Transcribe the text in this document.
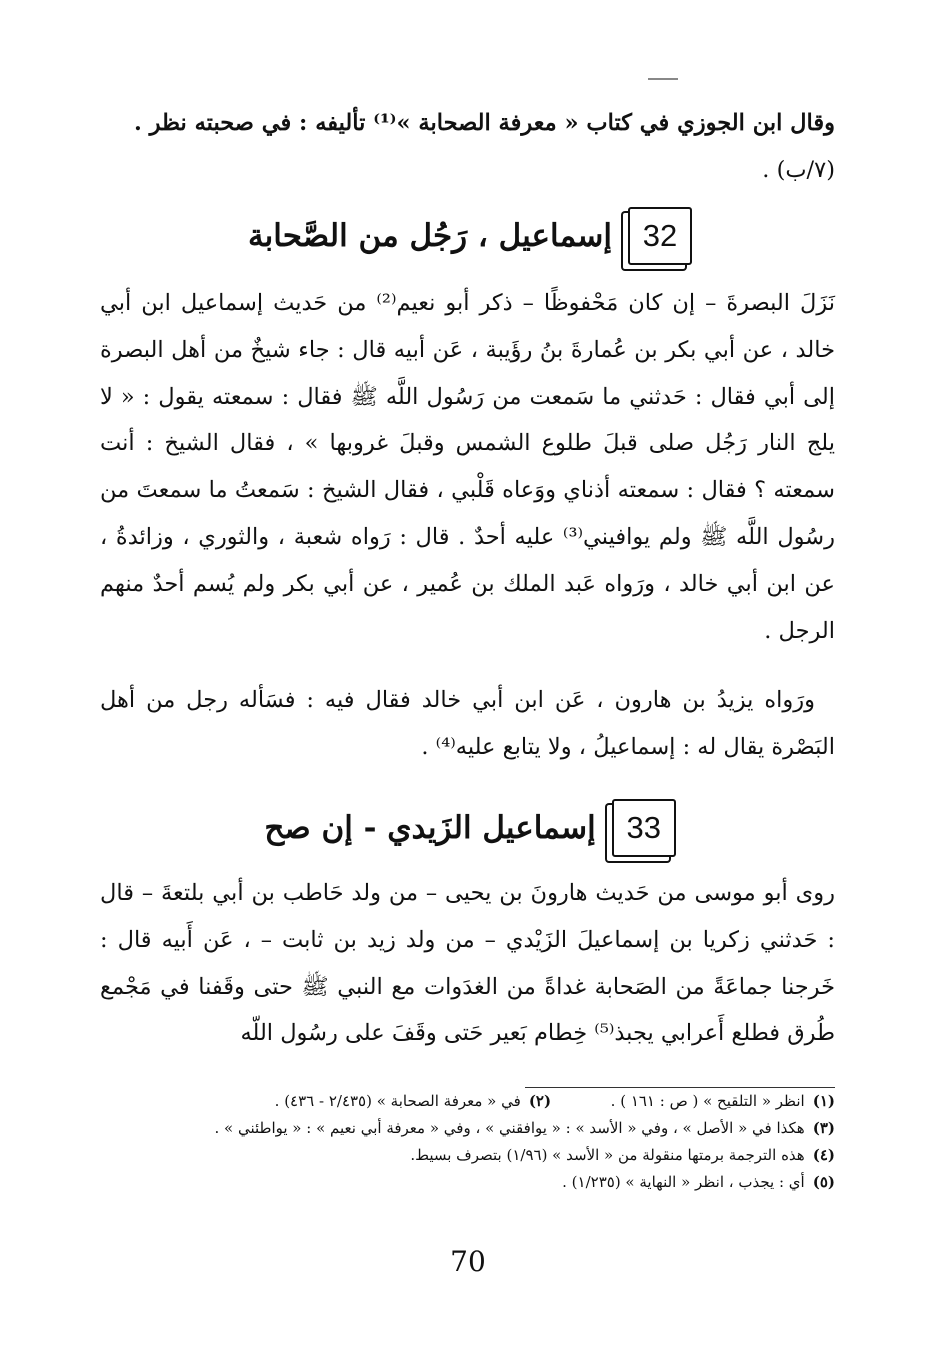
وقال ابن الجوزي في كتاب « معرفة الصحابة »⁽¹⁾ تأليفه : في صحبته نظر .
(٧/ب) .
32
إسماعيل ، رَجُل من الصَّحابة
نَزَلَ البصرةَ – إن كان مَحْفوظًا – ذكر أبو نعيم⁽²⁾ من حَديث إسماعيل ابن أبي خالد ، عن أبي بكر بن عُمارةَ بنُ رؤَيبة ، عَن أبيه قال : جاء شيخٌ من أهل البصرة إلى أبي فقال : حَدثني ما سَمعت من رَسُول اللَّه ﷺ فقال : سمعته يقول : « لا يلج النار رَجُل صلى قبلَ طلوع الشمس وقبلَ غروبها » ، فقال الشيخ : أنت سمعته ؟ فقال : سمعته أذناي ووَعاه قَلْبي ، فقال الشيخ : سَمعتُ ما سمعتَ من رسُول اللَّه ﷺ ولم يوافيني⁽³⁾ عليه أحدٌ . قال : رَواه شعبة ، والثوري ، وزائدةُ ، عن ابن أبي خالد ، ورَواه عَبد الملك بن عُمير ، عن أبي بكر ولم يُسم أحدٌ منهم الرجل .
ورَواه يزيدُ بن هارون ، عَن ابن أبي خالد فقال فيه : فسَأله رجل من أهل البَصْرة يقال له : إسماعيلُ ، ولا يتابع عليه⁽⁴⁾ .
33
إسماعيل الزَيدي - إن صح
روى أبو موسى من حَديث هارونَ بن يحيى – من ولد حَاطب بن أبي بلتعةَ – قال : حَدثني زكريا بن إسماعيلَ الزَيْدي – من ولد زيد بن ثابت – ، عَن أَبيه قال : خَرجنا جماعَةً من الصَحابة غداةً من الغدَوات مع النبي ﷺ حتى وقَفنا في مَجْمع طُرق فطلع أَعرابي يجبذ⁽⁵⁾ خِطام بَعير حَتى وقَفَ على رسُول اللّه
(١)انظر « التلقيح » ( ص : ١٦١ ) .  (٢)في « معرفة الصحابة » (٢/٤٣٥ - ٤٣٦) .
(٣)هكذا في « الأصل » ، وفي « الأسد » : « يوافقني » ، وفي « معرفة أبي نعيم » : « يواطئني » .
(٤)هذه الترجمة برمتها منقولة من « الأسد » (١/٩٦) بتصرف بسيط.
(٥)أي : يجذب ، انظر « النهاية » (١/٢٣٥) .
70
